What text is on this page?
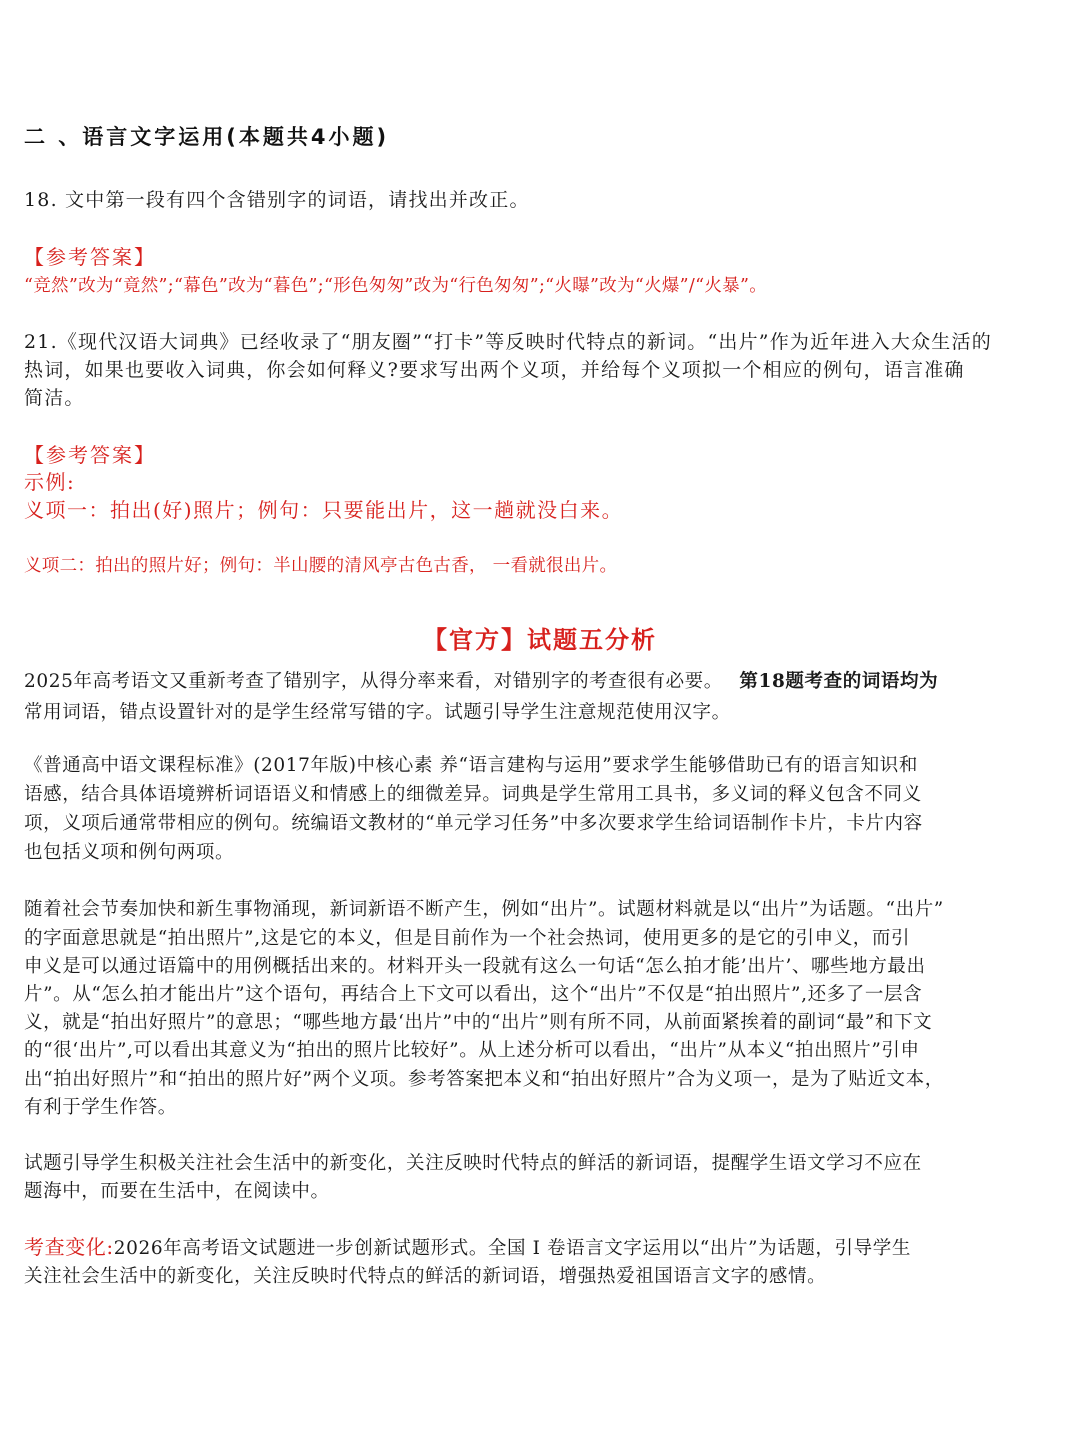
二 、语言文字运用(本题共4小题)
18. 文中第一段有四个含错别字的词语，请找出并改正。
【参考答案】
“竞然”改为“竟然”;“幕色”改为“暮色”;“形色匆匆”改为“行色匆匆”;“火曝”改为“火爆”/“火暴”。
21.《现代汉语大词典》已经收录了“朋友圈”“打卡”等反映时代特点的新词。“出片”作为近年进入大众生活的
热词，如果也要收入词典，你会如何释义?要求写出两个义项，并给每个义项拟一个相应的例句，语言准确
简洁。
【参考答案】
示例:
义项一：拍出(好)照片；例句：只要能出片，这一趟就没白来。
义项二：拍出的照片好；例句：半山腰的清风亭古色古香， 一看就很出片。
【官方】试题五分析
2025年高考语文又重新考查了错别字，从得分率来看，对错别字的考查很有必要。 第18题考查的词语均为
常用词语，错点设置针对的是学生经常写错的字。试题引导学生注意规范使用汉字。
《普通高中语文课程标准》(2017年版)中核心素 养“语言建构与运用”要求学生能够借助已有的语言知识和
语感，结合具体语境辨析词语语义和情感上的细微差异。词典是学生常用工具书，多义词的释义包含不同义
项，义项后通常带相应的例句。统编语文教材的“单元学习任务”中多次要求学生给词语制作卡片，卡片内容
也包括义项和例句两项。
随着社会节奏加快和新生事物涌现，新词新语不断产生，例如“出片”。试题材料就是以“出片”为话题。“出片”
的字面意思就是“拍出照片”,这是它的本义，但是目前作为一个社会热词，使用更多的是它的引申义，而引
申义是可以通过语篇中的用例概括出来的。材料开头一段就有这么一句话“怎么拍才能’出片’、哪些地方最出
片”。从“怎么拍才能出片”这个语句，再结合上下文可以看出，这个“出片”不仅是“拍出照片”,还多了一层含
义，就是“拍出好照片”的意思；“哪些地方最‘出片”中的“出片”则有所不同，从前面紧挨着的副词“最”和下文
的“很‘出片”,可以看出其意义为“拍出的照片比较好”。从上述分析可以看出，“出片”从本义“拍出照片”引申
出“拍出好照片”和“拍出的照片好”两个义项。参考答案把本义和“拍出好照片”合为义项一，是为了贴近文本，
有利于学生作答。
试题引导学生积极关注社会生活中的新变化，关注反映时代特点的鲜活的新词语，提醒学生语文学习不应在
题海中，而要在生活中，在阅读中。
考查变化:2026年高考语文试题进一步创新试题形式。全国 I 卷语言文字运用以“出片”为话题，引导学生
关注社会生活中的新变化，关注反映时代特点的鲜活的新词语，增强热爱祖国语言文字的感情。
